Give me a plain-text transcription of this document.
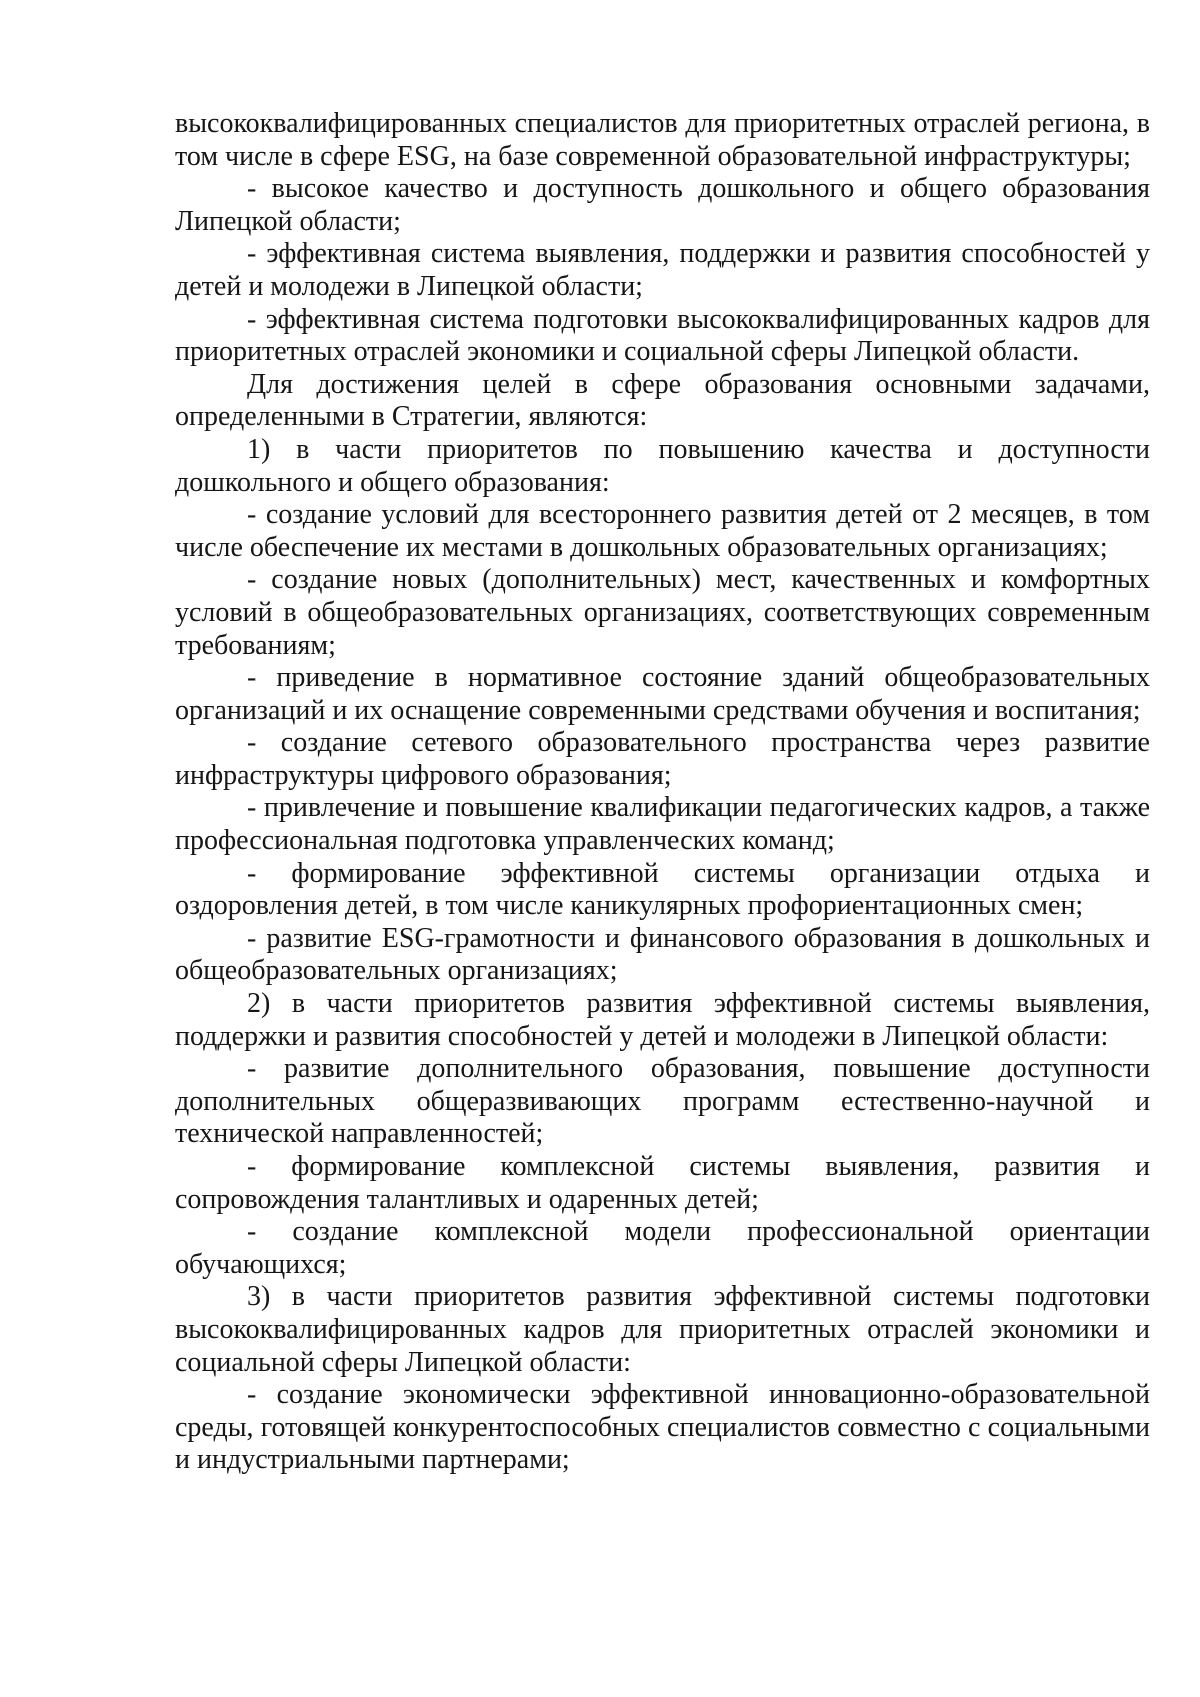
высококвалифицированных специалистов для приоритетных отраслей региона, в том числе в сфере ESG, на базе современной образовательной инфраструктуры;

- высокое качество и доступность дошкольного и общего образования Липецкой области;

- эффективная система выявления, поддержки и развития способностей у детей и молодежи в Липецкой области;

- эффективная система подготовки высококвалифицированных кадров для приоритетных отраслей экономики и социальной сферы Липецкой области.

Для достижения целей в сфере образования основными задачами, определенными в Стратегии, являются:

1) в части приоритетов по повышению качества и доступности дошкольного и общего образования:

- создание условий для всестороннего развития детей от 2 месяцев, в том числе обеспечение их местами в дошкольных образовательных организациях;

- создание новых (дополнительных) мест, качественных и комфортных условий в общеобразовательных организациях, соответствующих современным требованиям;

- приведение в нормативное состояние зданий общеобразовательных организаций и их оснащение современными средствами обучения и воспитания;

- создание сетевого образовательного пространства через развитие инфраструктуры цифрового образования;

- привлечение и повышение квалификации педагогических кадров, а также профессиональная подготовка управленческих команд;

- формирование эффективной системы организации отдыха и оздоровления детей, в том числе каникулярных профориентационных смен;

- развитие ESG-грамотности и финансового образования в дошкольных и общеобразовательных организациях;

2) в части приоритетов развития эффективной системы выявления, поддержки и развития способностей у детей и молодежи в Липецкой области:

- развитие дополнительного образования, повышение доступности дополнительных общеразвивающих программ естественно-научной и технической направленностей;

- формирование комплексной системы выявления, развития и сопровождения талантливых и одаренных детей;

- создание комплексной модели профессиональной ориентации обучающихся;

3) в части приоритетов развития эффективной системы подготовки высококвалифицированных кадров для приоритетных отраслей экономики и социальной сферы Липецкой области:

- создание экономически эффективной инновационно-образовательной среды, готовящей конкурентоспособных специалистов совместно с социальными и индустриальными партнерами;
